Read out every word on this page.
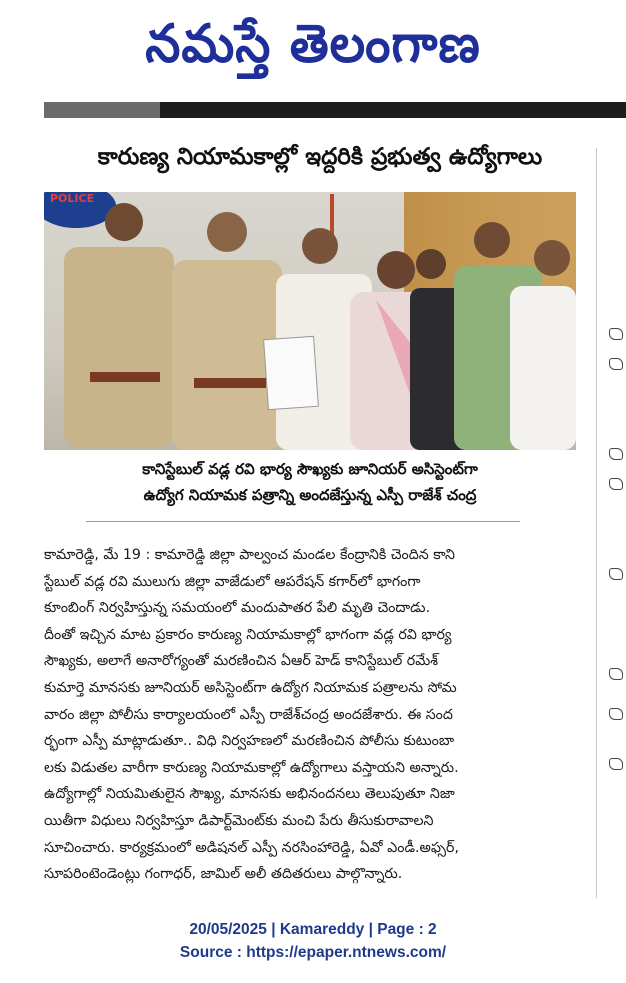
నమస్తే తెలంగాణ
కారుణ్య నియామకాల్లో ఇద్దరికి ప్రభుత్వ ఉద్యోగాలు
POLICE
కానిస్టేబుల్ వడ్ల రవి భార్య సౌఖ్యకు జూనియర్ అసిస్టెంట్‌గా
ఉద్యోగ నియామక పత్రాన్ని అందజేస్తున్న ఎస్పీ రాజేశ్ చంద్ర
కామారెడ్డి, మే 19 : కామారెడ్డి జిల్లా పాల్వంచ మండల కేంద్రానికి చెందిన కాని
స్టేబుల్ వడ్ల రవి ములుగు జిల్లా వాజేడులో ఆపరేషన్ కగార్‌లో భాగంగా
కూంబింగ్ నిర్వహిస్తున్న సమయంలో మందుపాతర పేలి మృతి చెందాడు.
దీంతో ఇచ్చిన మాట ప్రకారం కారుణ్య నియామకాల్లో భాగంగా వడ్ల రవి భార్య
సౌఖ్యకు, అలాగే అనారోగ్యంతో మరణించిన ఏఆర్ హెడ్ కానిస్టేబుల్ రమేశ్
కుమార్తె మానసకు జూనియర్ అసిస్టెంట్‌గా ఉద్యోగ నియామక పత్రాలను సోమ
వారం జిల్లా పోలీసు కార్యాలయంలో ఎస్పీ రాజేశ్‌చంద్ర అందజేశారు. ఈ సంద
ర్భంగా ఎస్పీ మాట్లాడుతూ.. విధి నిర్వహణలో మరణించిన పోలీసు కుటుంబా
లకు విడుతల వారీగా కారుణ్య నియామకాల్లో ఉద్యోగాలు వస్తాయని అన్నారు.
ఉద్యోగాల్లో నియమితులైన సౌఖ్య, మానసకు అభినందనలు తెలుపుతూ నిజా
యితీగా విధులు నిర్వహిస్తూ డిపార్ట్‌మెంట్‌కు మంచి పేరు తీసుకురావాలని
సూచించారు. కార్యక్రమంలో అడిషనల్ ఎస్పీ నరసింహారెడ్డి, ఏవో ఎండీ.అఫ్సర్,
సూపరింటెండెంట్లు గంగాధర్, జామిల్ అలీ తదితరులు పాల్గొన్నారు.
20/05/2025 | Kamareddy | Page : 2
Source : https://epaper.ntnews.com/
